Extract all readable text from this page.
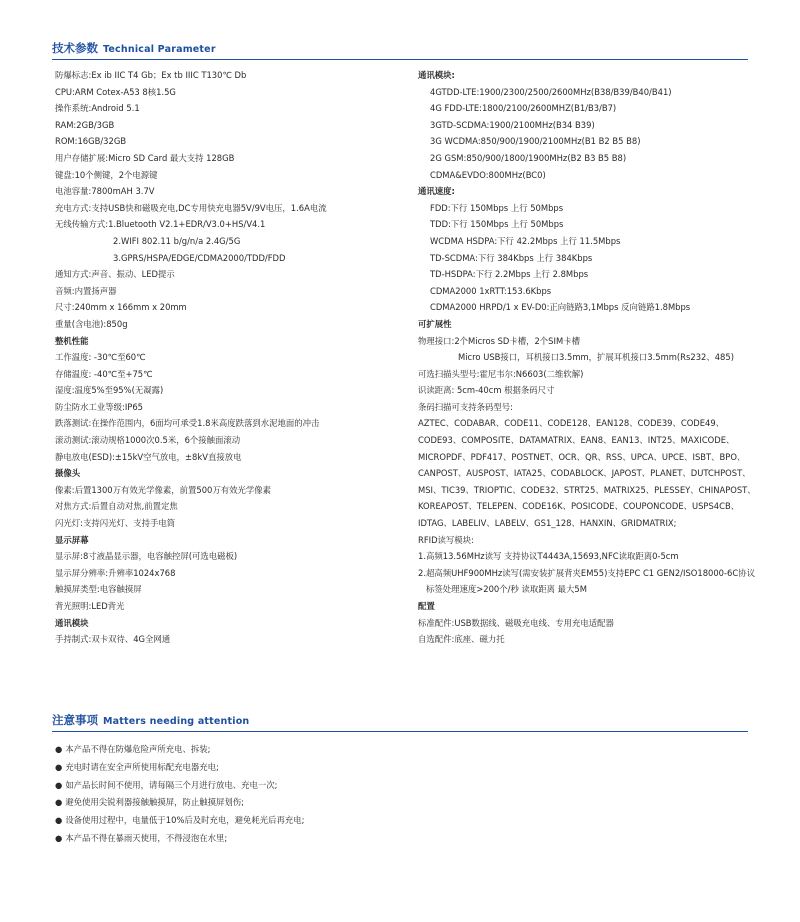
技术参数 Technical Parameter
防爆标志:Ex ib IIC T4 Gb；Ex tb IIIC T130℃ Db
CPU:ARM Cotex-A53 8核1.5G
操作系统:Android 5.1
RAM:2GB/3GB
ROM:16GB/32GB
用户存储扩展:Micro SD Card 最大支持 128GB
键盘:10个侧键，2个电源键
电池容量:7800mAH 3.7V
充电方式:支持USB快和磁吸充电,DC专用快充电器5V/9V电压，1.6A电流
无线传输方式:1.Bluetooth V2.1+EDR/V3.0+HS/V4.1
2.WIFI 802.11 b/g/n/a 2.4G/5G
3.GPRS/HSPA/EDGE/CDMA2000/TDD/FDD
通知方式:声音、振动、LED提示
音频:内置扬声器
尺寸:240mm x 166mm x 20mm
重量(含电池):850g
整机性能
工作温度: -30℃至60℃
存储温度: -40℃至+75℃
湿度:温度5%至95%(无凝露)
防尘防水工业等级:IP65
跌落测试:在操作范围内，6面均可承受1.8米高度跌落到水泥地面的冲击
滚动测试:滚动规格1000次0.5米，6个接触面滚动
静电放电(ESD):±15kV空气放电，±8kV直接放电
摄像头
像素:后置1300万有效光学像素，前置500万有效光学像素
对焦方式:后置自动对焦,前置定焦
闪光灯:支持闪光灯、支持手电筒
显示屏幕
显示屏:8寸液晶显示器，电容触控屏(可选电磁板)
显示屏分辨率:升辨率1024x768
触摸屏类型:电容触摸屏
背光照明:LED背光
通讯模块
手持制式:双卡双待、4G全网通
通讯模块:
4GTDD-LTE:1900/2300/2500/2600MHz(B38/B39/B40/B41)
4G FDD-LTE:1800/2100/2600MHZ(B1/B3/B7)
3GTD-SCDMA:1900/2100MHz(B34 B39)
3G WCDMA:850/900/1900/2100MHz(B1 B2 B5 B8)
2G GSM:850/900/1800/1900MHz(B2 B3 B5 B8)
CDMA&EVDO:800MHz(BC0)
通讯速度:
FDD:下行 150Mbps 上行 50Mbps
TDD:下行 150Mbps 上行 50Mbps
WCDMA HSDPA:下行 42.2Mbps 上行 11.5Mbps
TD-SCDMA:下行 384Kbps 上行 384Kbps
TD-HSDPA:下行 2.2Mbps 上行 2.8Mbps
CDMA2000 1xRTT:153.6Kbps
CDMA2000 HRPD/1 x EV-D0:正向链路3,1Mbps 反向链路1.8Mbps
可扩展性
物理接口:2个Micros SD卡槽，2个SIM卡槽
Micro USB接口，耳机接口3.5mm，扩展耳机接口3.5mm(Rs232、485)
可选扫描头型号:霍尼韦尔:N6603(二维软解)
识读距离: 5cm-40cm 根据条码尺寸
条码扫描可支持条码型号:
AZTEC、CODABAR、CODE11、CODE128、EAN128、CODE39、CODE49、
CODE93、COMPOSITE、DATAMATRIX、EAN8、EAN13、INT25、MAXICODE、
MICROPDF、PDF417、POSTNET、OCR、QR、RSS、UPCA、UPCE、ISBT、BPO、
CANPOST、AUSPOST、IATA25、CODABLOCK、JAPOST、PLANET、DUTCHPOST、
MSI、TIC39、TRIOPTIC、CODE32、STRT25、MATRIX25、PLESSEY、CHINAPOST、
KOREAPOST、TELEPEN、CODE16K、POSICODE、COUPONCODE、USPS4CB、
IDTAG、LABELIV、LABELV、GS1_128、HANXIN、GRIDMATRIX;
RFID读写模块:
1.高频13.56MHz读写 支持协议T4443A,15693,NFC读取距离0-5cm
2.超高频UHF900MHz读写(需安装扩展背夹EM55)支持EPC C1 GEN2/ISO18000-6C协议
标签处理速度>200个/秒 读取距离 最大5M
配置
标准配件:USB数据线、磁吸充电线、专用充电适配器
自选配件:底座、磁力托
注意事项 Matters needing attention
● 本产品不得在防爆危险声所充电、拆装;
● 充电时请在安全声所使用标配充电器充电;
● 如产品长时间不使用，请每隔三个月进行放电、充电一次;
● 避免使用尖锐利器接触触摸屏，防止触摸屏划伤;
● 设备使用过程中，电量低于10%后及时充电，避免耗光后再充电;
● 本产品不得在暴雨天使用，不得浸泡在水里;
